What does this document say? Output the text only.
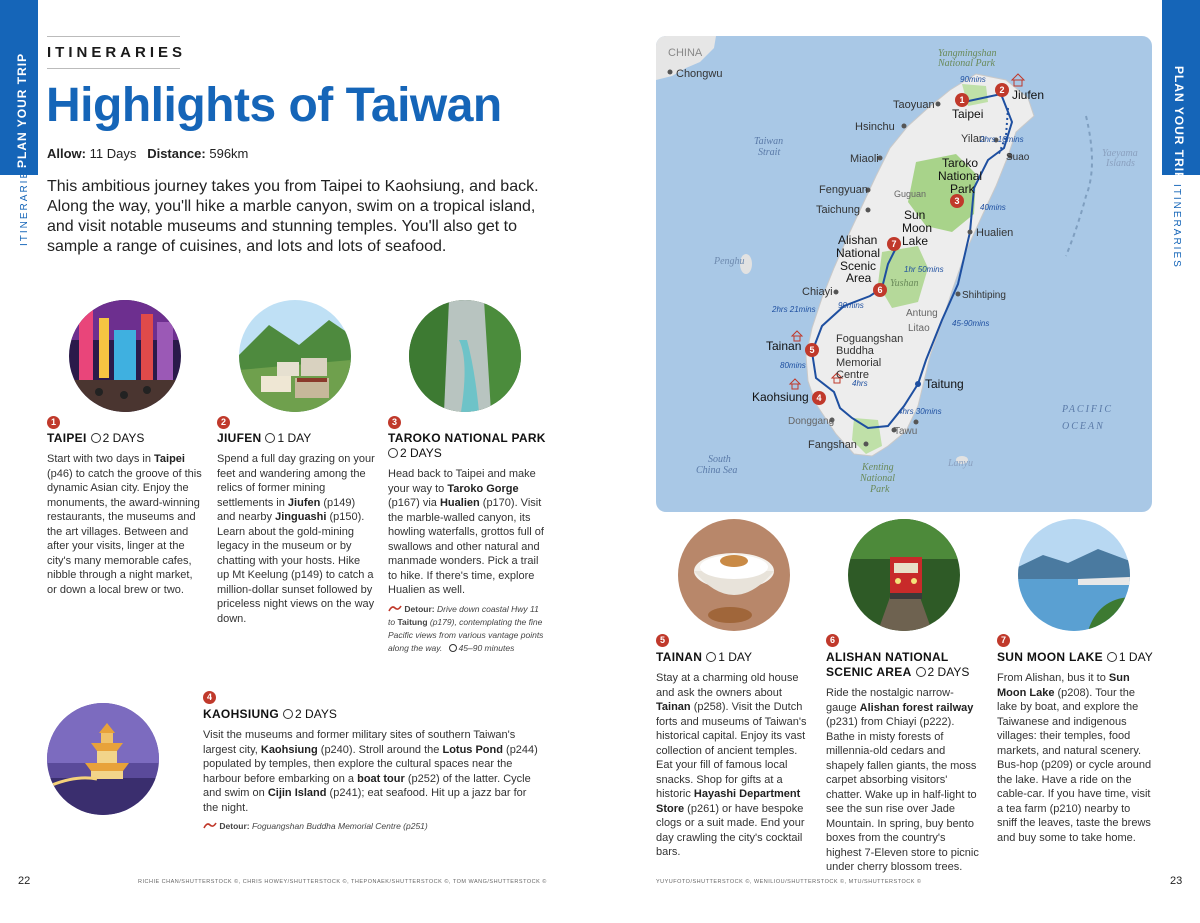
PLAN YOUR TRIP
ITINERARIES
PLAN YOUR TRIP
ITINERARIES
ITINERARIES
Highlights of Taiwan
Allow: 11 Days Distance: 596km
This ambitious journey takes you from Taipei to Kaohsiung, and back. Along the way, you'll hike a marble canyon, swim on a tropical island, and visit notable museums and stunning temples. You'll also get to sample a range of cuisines, and lots and lots of seafood.
1
TAIPEI 2 DAYS
Start with two days in Taipei (p46) to catch the groove of this dynamic Asian city. Enjoy the monuments, the award-winning restaurants, the museums and the art villages. Between and after your visits, linger at the city's many memorable cafes, nibble through a night market, or down a local brew or two.
2
JIUFEN 1 DAY
Spend a full day grazing on your feet and wandering among the relics of former mining settlements in Jiufen (p149) and nearby Jinguashi (p150). Learn about the gold-mining legacy in the museum or by chatting with your hosts. Hike up Mt Keelung (p149) to catch a million-dollar sunset followed by priceless night views on the way down.
3
TAROKO NATIONAL PARK
2 DAYS
Head back to Taipei and make your way to Taroko Gorge (p167) via Hualien (p170). Visit the marble-walled canyon, its howling waterfalls, grottos full of swallows and other natural and manmade wonders. Pick a trail to hike. If there's time, explore Hualien as well.
Detour: Drive down coastal Hwy 11 to Taitung (p179), contemplating the fine Pacific views from various vantage points along the way. 45–90 minutes
4
KAOHSIUNG 2 DAYS
Visit the museums and former military sites of southern Taiwan's largest city, Kaohsiung (p240). Stroll around the Lotus Pond (p244) populated by temples, then explore the cultural spaces near the harbour before embarking on a boat tour (p252) of the latter. Cycle and swim on Cijin Island (p241); eat seafood. Hit up a jazz bar for the night.
Detour: Foguangshan Buddha Memorial Centre (p251)
5
TAINAN 1 DAY
Stay at a charming old house and ask the owners about Tainan (p258). Visit the Dutch forts and museums of Taiwan's historical capital. Enjoy its vast collection of ancient temples. Eat your fill of famous local snacks. Shop for gifts at a historic Hayashi Department Store (p261) or have bespoke clogs or a suit made. End your day crawling the city's cocktail bars.
6
ALISHAN NATIONAL SCENIC AREA 2 DAYS
Ride the nostalgic narrow-gauge Alishan forest railway (p231) from Chiayi (p222). Bathe in misty forests of millennia-old cedars and shapely fallen giants, the moss carpet absorbing visitors' chatter. Wake up in half-light to see the sun rise over Jade Mountain. In spring, buy bento boxes from the country's highest 7-Eleven store to picnic under cherry blossom trees.
7
SUN MOON LAKE 1 DAY
From Alishan, bus it to Sun Moon Lake (p208). Tour the lake by boat, and explore the Taiwanese and indigenous villages: their temples, food markets, and natural scenery. Bus-hop (p209) or cycle around the lake. Have a ride on the cable-car. If you have time, visit a tea farm (p210) nearby to sniff the leaves, taste the brews and buy some to take home.
1
2
3
4
5
6
7
CHINA
Chongwu
Yangmingshan
National Park
Taoyuan
Taipei
Jiufen
Hsinchu
Yilan
Suao
Miaoli	Taroko
National
Park
Fengyuan
Taichung
Guguan
Sun
Moon
Lake
Hualien
Alishan
National
Scenic
Area
Chiayi
Yushan
Shihtiping
Antung
Litao
Tainan	Foguangshan
Buddha
Memorial
Centre
Taitung
Kaohsiung
Donggang
Tawu
Fangshan
Taiwan
Strait
Penghu
Yaeyama
Islands
South
China Sea
PACIFIC
OCEAN
Kenting
National
Park
Lanyu
90mins
2hrs 10mins
40mins
1hr 50mins
2hrs 21mins	90mins
45-90mins
80mins
4hrs
4hrs 30mins
22	RICHIE CHAN/SHUTTERSTOCK ©, CHRIS HOWEY/SHUTTERSTOCK ©, THEPONAEK/SHUTTERSTOCK ©, TOM WANG/SHUTTERSTOCK ©	YUYUFOTO/SHUTTERSTOCK ©, WENILIOU/SHUTTERSTOCK ©, MTU/SHUTTERSTOCK ©	23
